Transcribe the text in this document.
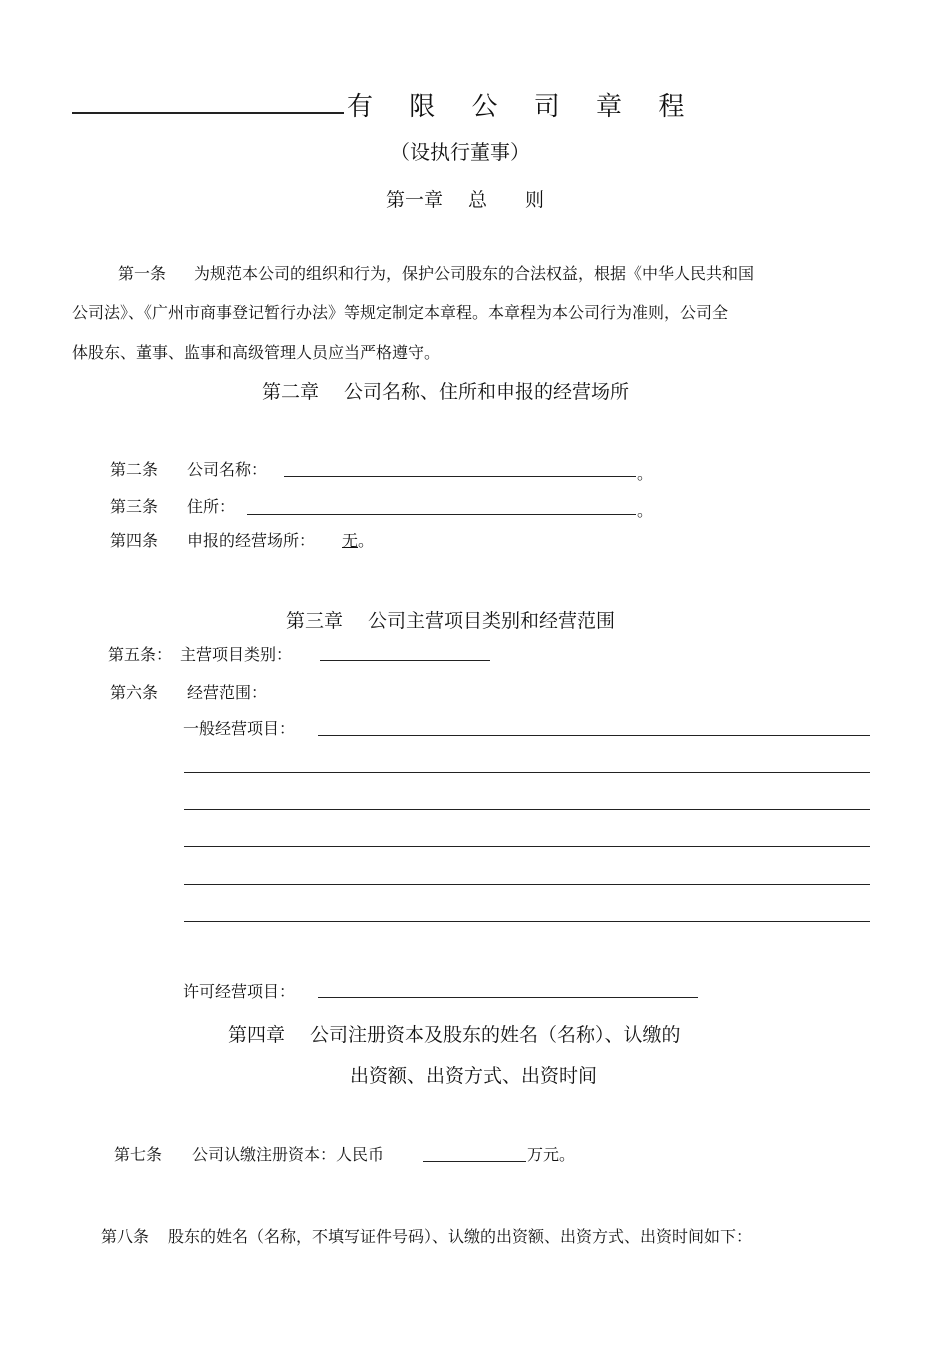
有 限 公 司 章 程
（设执行董事）
第一章　 总　　则
第一条 为规范本公司的组织和行为，保护公司股东的合法权益，根据《中华人民共和国
公司法》、《广州市商事登记暂行办法》等规定制定本章程。本章程为本公司行为准则，公司全
体股东、董事、监事和高级管理人员应当严格遵守。
第二章　 公司名称、住所和申报的经营场所
第二条 公司名称：	。
第三条 住所：	。
第四条 申报的经营场所： 无 。
第三章　 公司主营项目类别和经营范围
第五条： 主营项目类别：
第六条 经营范围：
一般经营项目：
许可经营项目：
第四章　 公司注册资本及股东的姓名（名称）、认缴的
出资额、出资方式、出资时间
第七条 公司认缴注册资本：人民币	万元。
第八条 股东的姓名（名称，不填写证件号码）、认缴的出资额、出资方式、出资时间如下：
